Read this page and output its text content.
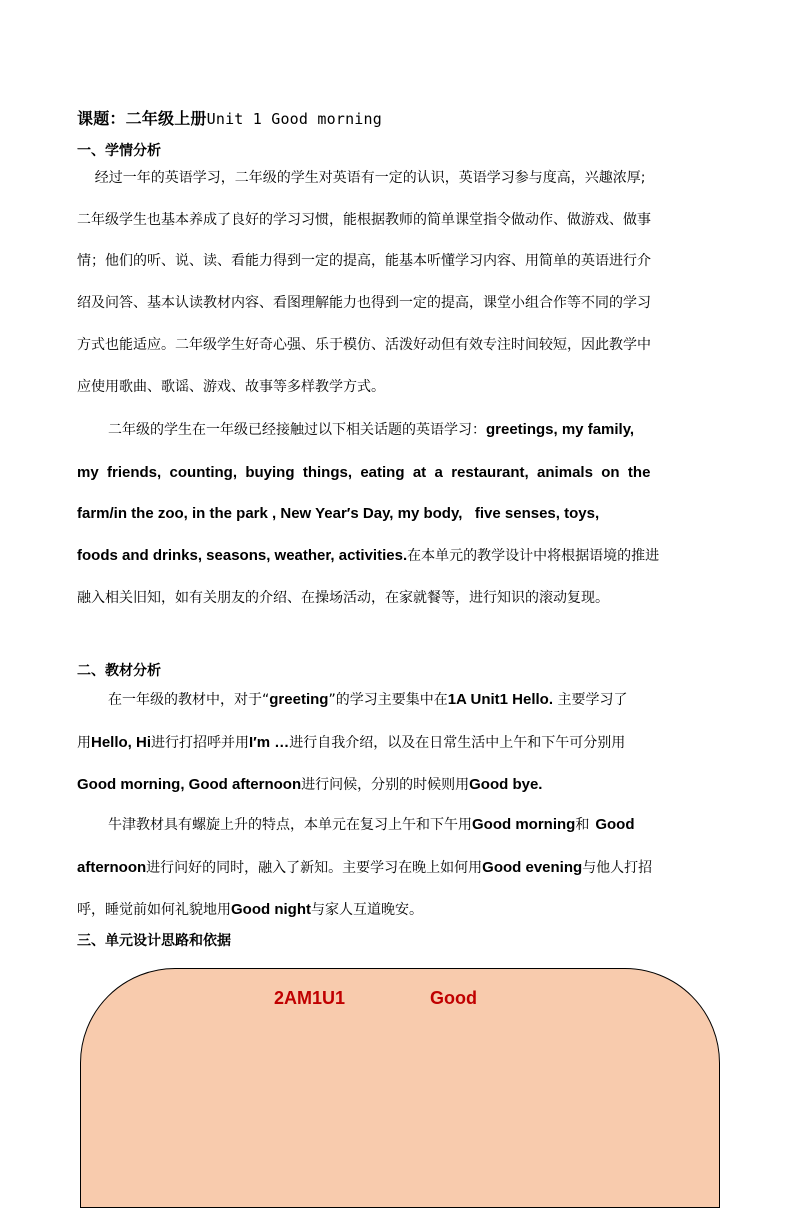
课题：二年级上册Unit 1 Good morning
一、学情分析
经过一年的英语学习，二年级的学生对英语有一定的认识，英语学习参与度高，兴趣浓厚;
二年级学生也基本养成了良好的学习习惯，能根据教师的简单课堂指令做动作、做游戏、做事
情；他们的听、说、读、看能力得到一定的提高，能基本听懂学习内容、用简单的英语进行介
绍及问答、基本认读教材内容、看图理解能力也得到一定的提高，课堂小组合作等不同的学习
方式也能适应。二年级学生好奇心强、乐于模仿、活泼好动但有效专注时间较短，因此教学中
应使用歌曲、歌谣、游戏、故事等多样教学方式。
二年级的学生在一年级已经接触过以下相关话题的英语学习：greetings, my family,
my  friends,  counting,  buying  things,  eating  at  a  restaurant,  animals  on  the
farm/in the zoo, in the park , New Year′s Day, my body,   five senses, toys,
foods and drinks, seasons, weather, activities.在本单元的教学设计中将根据语境的推进
融入相关旧知，如有关朋友的介绍、在操场活动，在家就餐等，进行知识的滚动复现。
二、教材分析
在一年级的教材中，对于“greeting”的学习主要集中在1A Unit1 Hello. 主要学习了
用Hello, Hi进行打招呼并用I′m …进行自我介绍，以及在日常生活中上午和下午可分别用
Good morning, Good afternoon进行问候，分别的时候则用Good bye.
牛津教材具有螺旋上升的特点，本单元在复习上午和下午用Good morning和 Good
afternoon进行问好的同时，融入了新知。主要学习在晚上如何用Good evening与他人打招
呼，睡觉前如何礼貌地用Good night与家人互道晚安。
三、单元设计思路和依据
2AM1U1	Good
